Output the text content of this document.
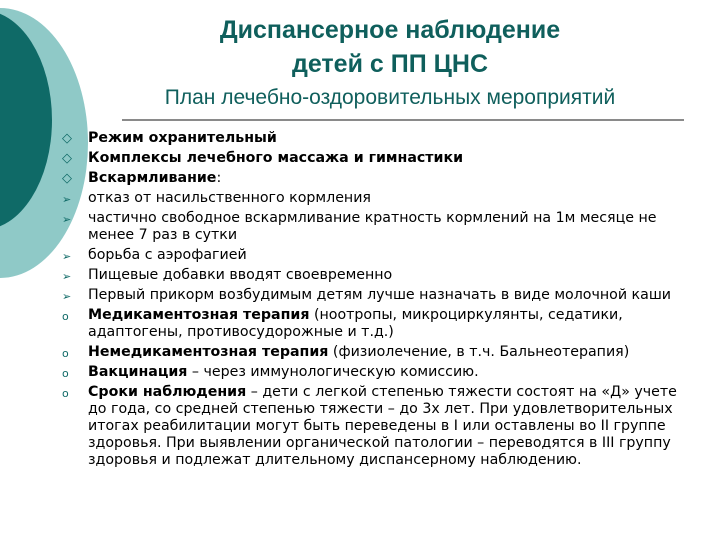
Диспансерное наблюдение
детей с ПП ЦНС
План лечебно-оздоровительных мероприятий
◇	Режим охранительный
◇	Комплексы лечебного массажа и гимнастики
◇	Вскармливание:
➢	отказ от насильственного кормления
➢	частично свободное вскармливание кратность кормлений на 1м месяце не менее 7 раз в сутки
➢	борьба с аэрофагией
➢	Пищевые добавки вводят своевременно
➢	Первый прикорм возбудимым детям лучше назначать в виде молочной каши
o	Медикаментозная терапия (ноотропы, микроциркулянты, седатики, адаптогены, противосудорожные и т.д.)
o	Немедикаментозная терапия (физиолечение, в т.ч. Бальнеотерапия)
o	Вакцинация – через иммунологическую комиссию.
o	Сроки наблюдения – дети с легкой степенью тяжести состоят на «Д» учете до года, со средней степенью тяжести – до 3х лет. При удовлетворительных итогах реабилитации могут быть переведены в I или оставлены во II группе здоровья. При выявлении органической патологии – переводятся в III группу здоровья и подлежат длительному диспансерному наблюдению.
